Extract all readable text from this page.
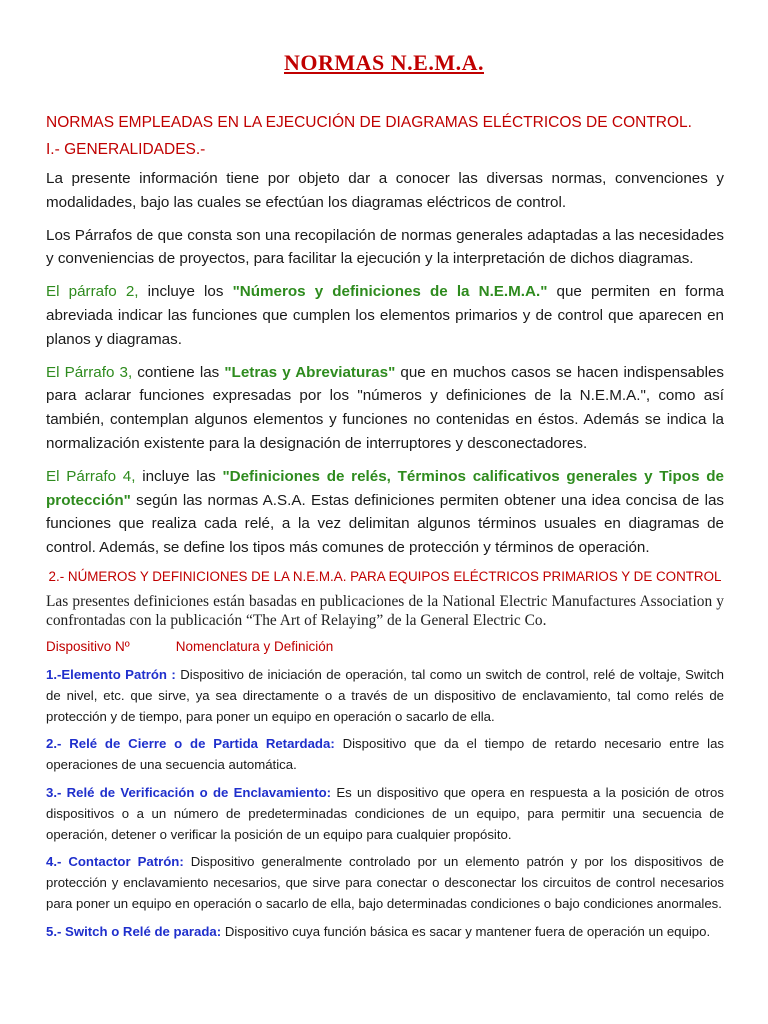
NORMAS N.E.M.A.

NORMAS EMPLEADAS EN LA EJECUCIÓN DE DIAGRAMAS ELÉCTRICOS DE CONTROL.

I.- GENERALIDADES.-

La presente información tiene por objeto dar a conocer las diversas normas, convenciones y modalidades, bajo las cuales se efectúan los diagramas eléctricos de control.

Los Párrafos de que consta son una recopilación de normas generales adaptadas a las necesidades y conveniencias de proyectos, para facilitar la ejecución y la interpretación de dichos diagramas.

El párrafo 2, incluye los "Números y definiciones de la N.E.M.A." que permiten en forma abreviada indicar las funciones que cumplen los elementos primarios y de control que aparecen en planos y diagramas.

El Párrafo 3, contiene las "Letras y Abreviaturas" que en muchos casos se hacen indispensables para aclarar funciones expresadas por los "números y definiciones de la N.E.M.A.", como así también, contemplan algunos elementos y funciones no contenidas en éstos. Además se indica la normalización existente para la designación de interruptores y desconectadores.

El Párrafo 4, incluye las "Definiciones de relés, Términos calificativos generales y Tipos de protección" según las normas A.S.A. Estas definiciones permiten obtener una idea concisa de las funciones que realiza cada relé, a la vez delimitan algunos términos usuales en diagramas de control. Además, se define los tipos más comunes de protección y términos de operación.

2.- NÚMEROS Y DEFINICIONES DE LA N.E.M.A. PARA EQUIPOS ELÉCTRICOS PRIMARIOS Y DE CONTROL

Las presentes definiciones están basadas en publicaciones de la National Electric Manufactures Association y confrontadas con la publicación “The Art of Relaying” de la General Electric Co.

Dispositivo Nº	Nomenclatura y Definición

1.-Elemento Patrón : Dispositivo de iniciación de operación, tal como un switch de control, relé de voltaje, Switch de nivel, etc. que sirve, ya sea directamente o a través de un dispositivo de enclavamiento, tal como relés de protección y de tiempo, para poner un equipo en operación o sacarlo de ella.

2.- Relé de Cierre o de Partida Retardada: Dispositivo que da el tiempo de retardo necesario entre las operaciones de una secuencia automática.

3.- Relé de Verificación o de Enclavamiento: Es un dispositivo que opera en respuesta a la posición de otros dispositivos o a un número de predeterminadas condiciones de un equipo, para permitir una secuencia de operación, detener o verificar la posición de un equipo para cualquier propósito.

4.- Contactor Patrón: Dispositivo generalmente controlado por un elemento patrón y por los dispositivos de protección y enclavamiento necesarios, que sirve para conectar o desconectar los circuitos de control necesarios para poner un equipo en operación o sacarlo de ella, bajo determinadas condiciones o bajo condiciones anormales.

5.- Switch o Relé de parada: Dispositivo cuya función básica es sacar y mantener fuera de operación un equipo.
